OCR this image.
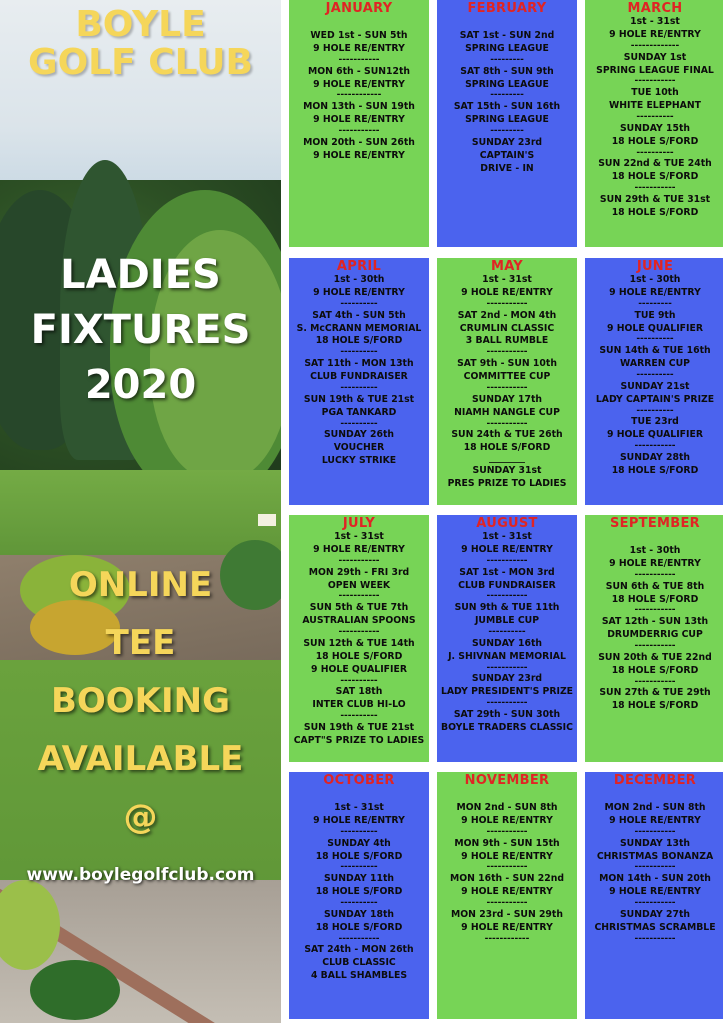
BOYLE
GOLF CLUB
LADIES
FIXTURES
2020
ONLINE
TEE
BOOKING
AVAILABLE
@
www.boylegolfclub.com
JANUARY
WED 1st - SUN 5th
9 HOLE RE/ENTRY
-----------
MON 6th - SUN12th
9 HOLE RE/ENTRY
------------
MON 13th - SUN 19th
9 HOLE RE/ENTRY
-----------
MON 20th - SUN 26th
9 HOLE RE/ENTRY
FEBRUARY
SAT 1st - SUN 2nd
SPRING LEAGUE
---------
SAT 8th - SUN 9th
SPRING LEAGUE
---------
SAT 15th - SUN 16th
SPRING LEAGUE
---------
SUNDAY 23rd
CAPTAIN'S
DRIVE - IN
MARCH
1st - 31st
9 HOLE RE/ENTRY
-------------
SUNDAY 1st
SPRING LEAGUE FINAL
-----------
TUE 10th
WHITE ELEPHANT
----------
SUNDAY 15th
18 HOLE S/FORD
----------
SUN 22nd & TUE 24th
18 HOLE S/FORD
-----------
SUN 29th & TUE 31st
18 HOLE S/FORD
APRIL
1st - 30th
9 HOLE RE/ENTRY
----------
SAT 4th - SUN 5th
S. McCRANN MEMORIAL
18 HOLE S/FORD
----------
SAT 11th - MON 13th
CLUB FUNDRAISER
----------
SUN 19th & TUE 21st
PGA TANKARD
----------
SUNDAY 26th
VOUCHER
LUCKY STRIKE
MAY
1st - 31st
9 HOLE RE/ENTRY
-----------
SAT 2nd - MON 4th
CRUMLIN CLASSIC
3 BALL RUMBLE
-----------
SAT 9th - SUN 10th
COMMITTEE CUP
-----------
SUNDAY 17th
NIAMH NANGLE CUP
-----------
SUN 24th & TUE 26th
18 HOLE S/FORD
________
SUNDAY 31st
PRES PRIZE TO LADIES
JUNE
1st - 30th
9 HOLE RE/ENTRY
---------
TUE 9th
9 HOLE QUALIFIER
----------
SUN 14th & TUE 16th
WARREN CUP
----------
SUNDAY 21st
LADY CAPTAIN'S PRIZE
----------
TUE 23rd
9 HOLE QUALIFIER
-----------
SUNDAY 28th
18 HOLE S/FORD
JULY
1st - 31st
9 HOLE RE/ENTRY
-----------
MON 29th - FRI 3rd
OPEN WEEK
-----------
SUN 5th & TUE 7th
AUSTRALIAN SPOONS
-----------
SUN 12th & TUE 14th
18 HOLE S/FORD
9 HOLE QUALIFIER
----------
SAT 18th
INTER CLUB HI-LO
----------
SUN 19th & TUE 21st
CAPT"S PRIZE TO LADIES
AUGUST
1st - 31st
9 HOLE RE/ENTRY
-----------
SAT 1st - MON 3rd
CLUB FUNDRAISER
-----------
SUN 9th & TUE 11th
JUMBLE CUP
----------
SUNDAY 16th
J. SHIVNAN MEMORIAL
-----------
SUNDAY 23rd
LADY PRESIDENT'S PRIZE
-----------
SAT 29th - SUN 30th
BOYLE TRADERS CLASSIC
SEPTEMBER
1st - 30th
9 HOLE RE/ENTRY
-----------
SUN 6th & TUE 8th
18 HOLE S/FORD
-----------
SAT 12th - SUN 13th
DRUMDERRIG CUP
-----------
SUN 20th & TUE 22nd
18 HOLE S/FORD
-----------
SUN 27th & TUE 29th
18 HOLE S/FORD
OCTOBER
1st - 31st
9 HOLE RE/ENTRY
----------
SUNDAY 4th
18 HOLE S/FORD
----------
SUNDAY 11th
18 HOLE S/FORD
----------
SUNDAY 18th
18 HOLE S/FORD
-----------
SAT 24th - MON 26th
CLUB CLASSIC
4 BALL SHAMBLES
NOVEMBER
MON 2nd - SUN 8th
9 HOLE RE/ENTRY
-----------
MON 9th - SUN 15th
9 HOLE RE/ENTRY
-----------
MON 16th - SUN 22nd
9 HOLE RE/ENTRY
-----------
MON 23rd - SUN 29th
9 HOLE RE/ENTRY
------------
DECEMBER
MON 2nd - SUN 8th
9 HOLE RE/ENTRY
-----------
SUNDAY 13th
CHRISTMAS BONANZA
-----------
MON 14th - SUN 20th
9 HOLE RE/ENTRY
-----------
SUNDAY 27th
CHRISTMAS SCRAMBLE
-----------
